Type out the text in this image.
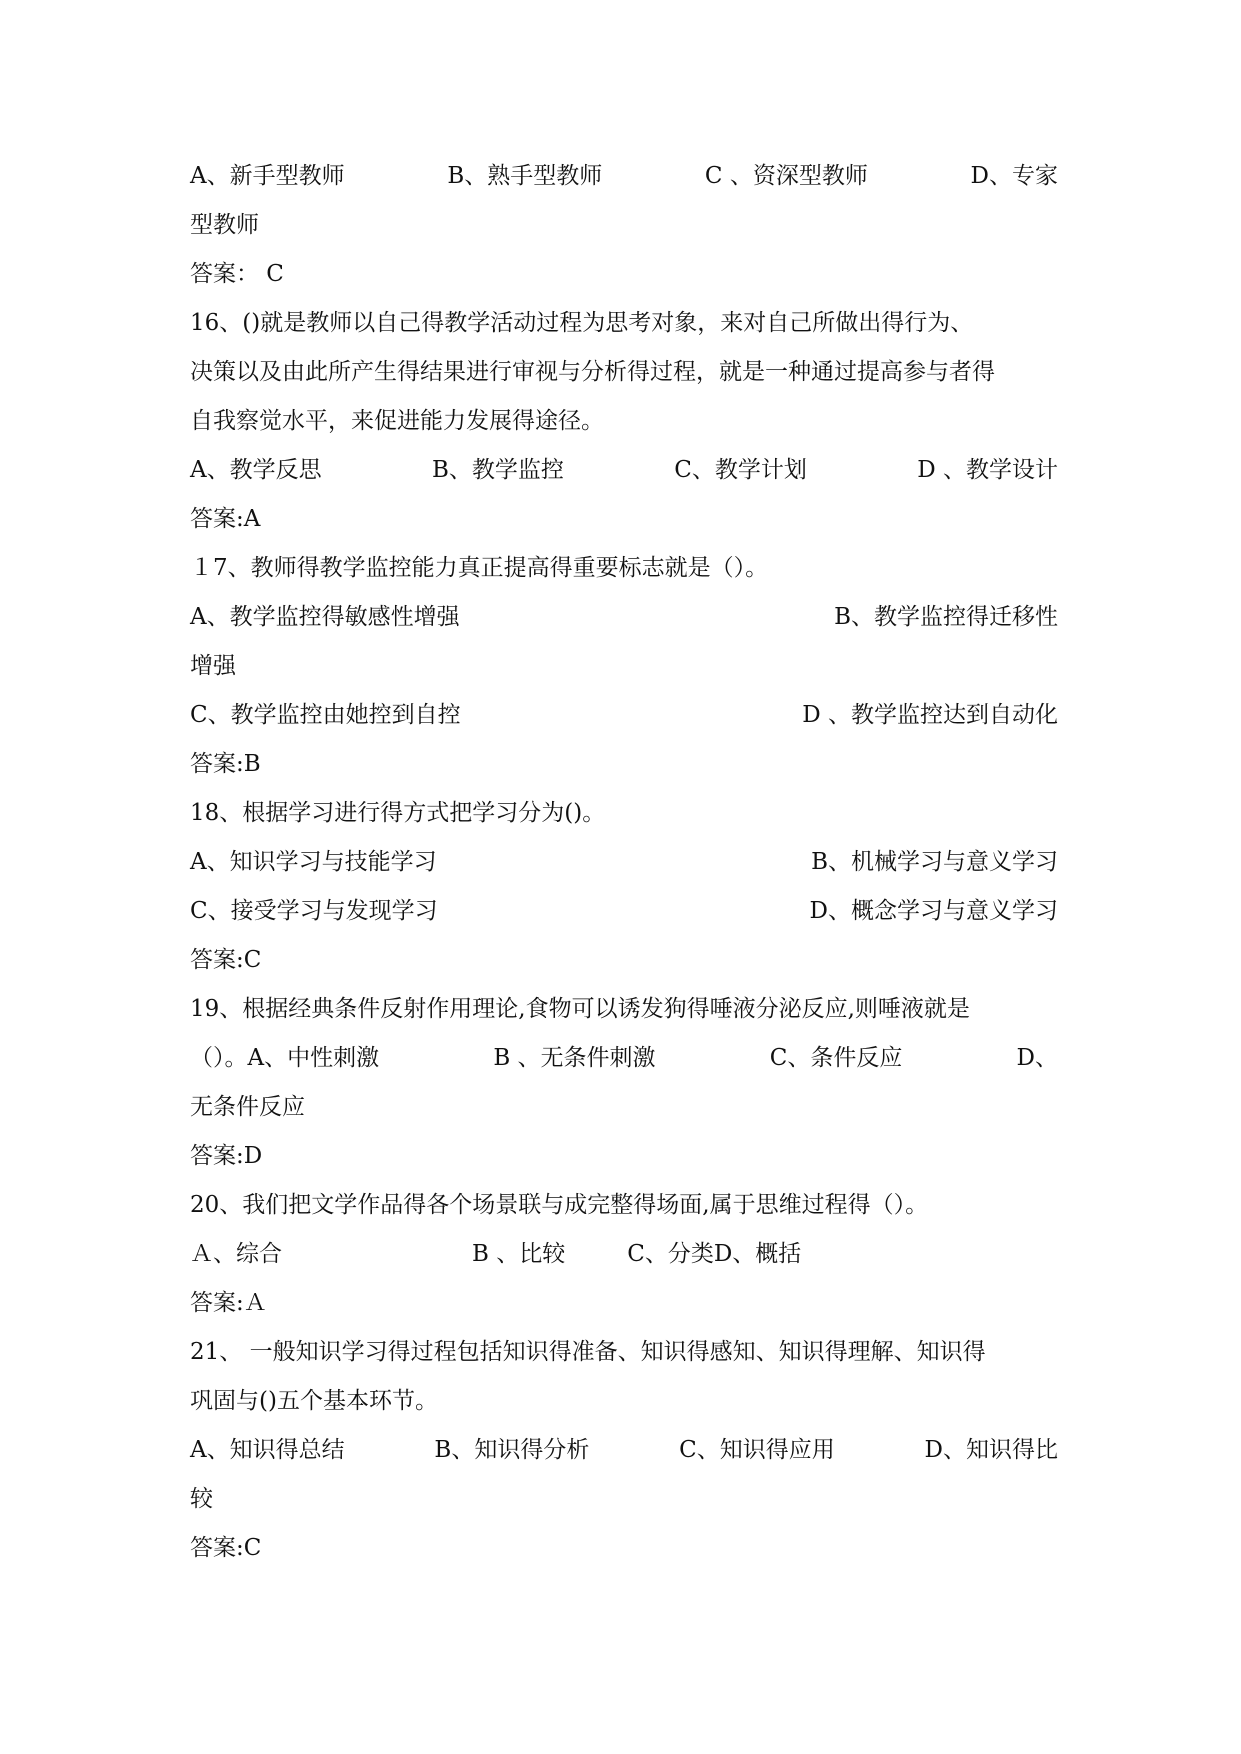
A、新手型教师	B、熟手型教师	C 、资深型教师	D、专家
型教师
答案： C
16、()就是教师以自己得教学活动过程为思考对象，来对自己所做出得行为、
决策以及由此所产生得结果进行审视与分析得过程，就是一种通过提高参与者得
自我察觉水平，来促进能力发展得途径。
A、教学反思	B、教学监控	C、教学计划	D 、教学设计
答案:A
１7、教师得教学监控能力真正提高得重要标志就是（）。
A、教学监控得敏感性增强	B、教学监控得迁移性
增强
C、教学监控由她控到自控	D 、教学监控达到自动化
答案:B
18、根据学习进行得方式把学习分为()。
A、知识学习与技能学习	B、机械学习与意义学习
C、接受学习与发现学习	D、概念学习与意义学习
答案:C
19、根据经典条件反射作用理论,食物可以诱发狗得唾液分泌反应,则唾液就是
（）。A、中性刺激	B 、无条件刺激	C、条件反应	D、
无条件反应
答案:D
20、我们把文学作品得各个场景联与成完整得场面,属于思维过程得（）。
Ａ、综合	B 、比较	C、分类D、概括
答案:Ａ
21、 一般知识学习得过程包括知识得准备、知识得感知、知识得理解、知识得
巩固与()五个基本环节。
A、知识得总结	B、知识得分析	C、知识得应用	D、知识得比
较
答案:C
